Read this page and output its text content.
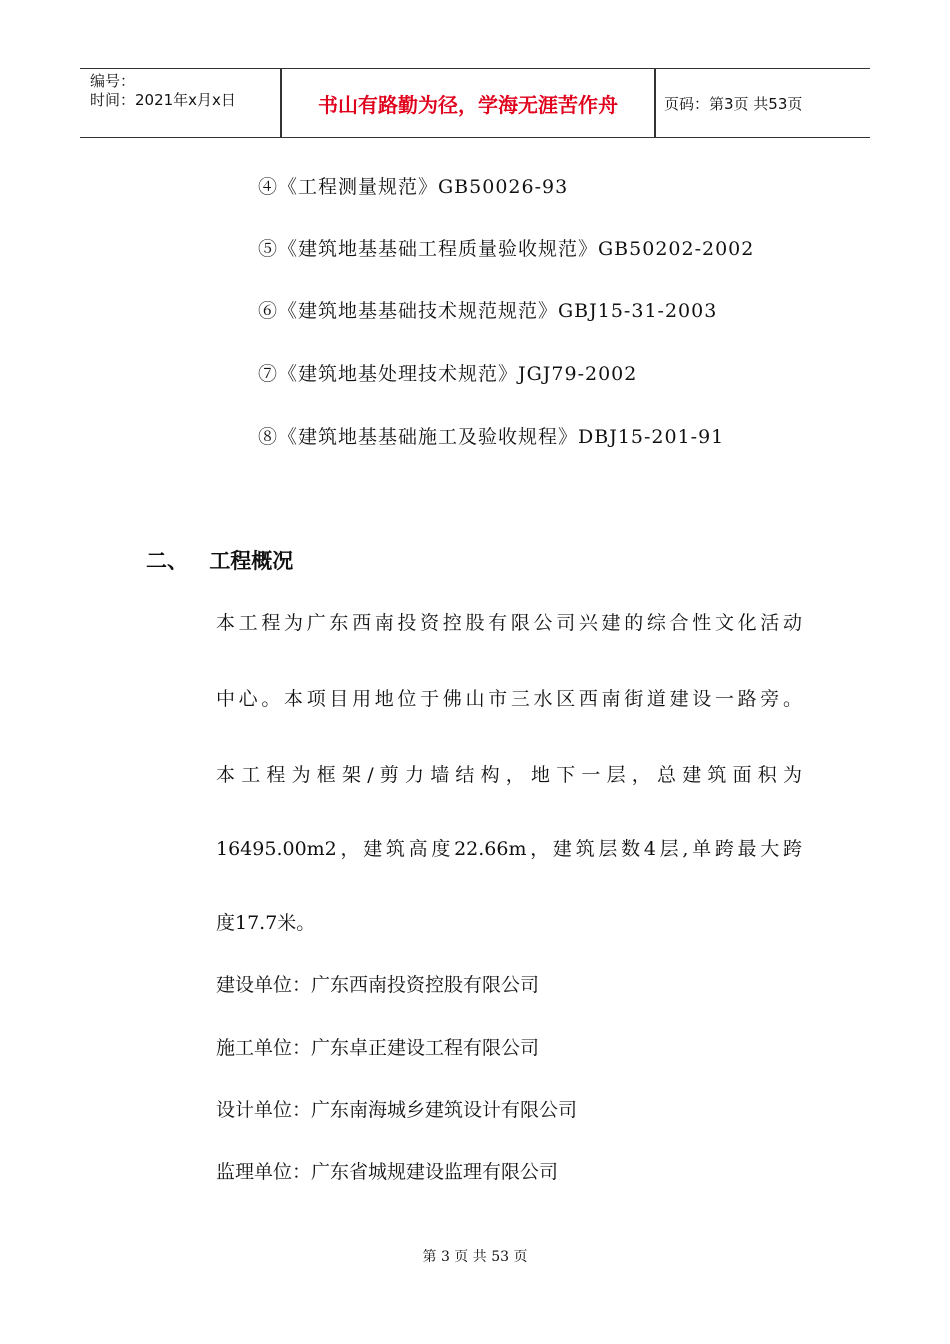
编号：
时间：2021年x月x日	书山有路勤为径，学海无涯苦作舟	页码：第3页 共53页
④《工程测量规范》GB50026-93
⑤《建筑地基基础工程质量验收规范》GB50202-2002
⑥《建筑地基基础技术规范规范》GBJ15-31-2003
⑦《建筑地基处理技术规范》JGJ79-2002
⑧《建筑地基基础施工及验收规程》DBJ15-201-91
二、 工程概况
本工程为广东西南投资控股有限公司兴建的综合性文化活动
中心。本项目用地位于佛山市三水区西南街道建设一路旁。
本工程为框架/剪力墙结构，地下一层，总建筑面积为
16495.00m2，建筑高度22.66m，建筑层数4层,单跨最大跨
度17.7米。
建设单位：广东西南投资控股有限公司
施工单位：广东卓正建设工程有限公司
设计单位：广东南海城乡建筑设计有限公司
监理单位：广东省城规建设监理有限公司
第 3 页 共 53 页
